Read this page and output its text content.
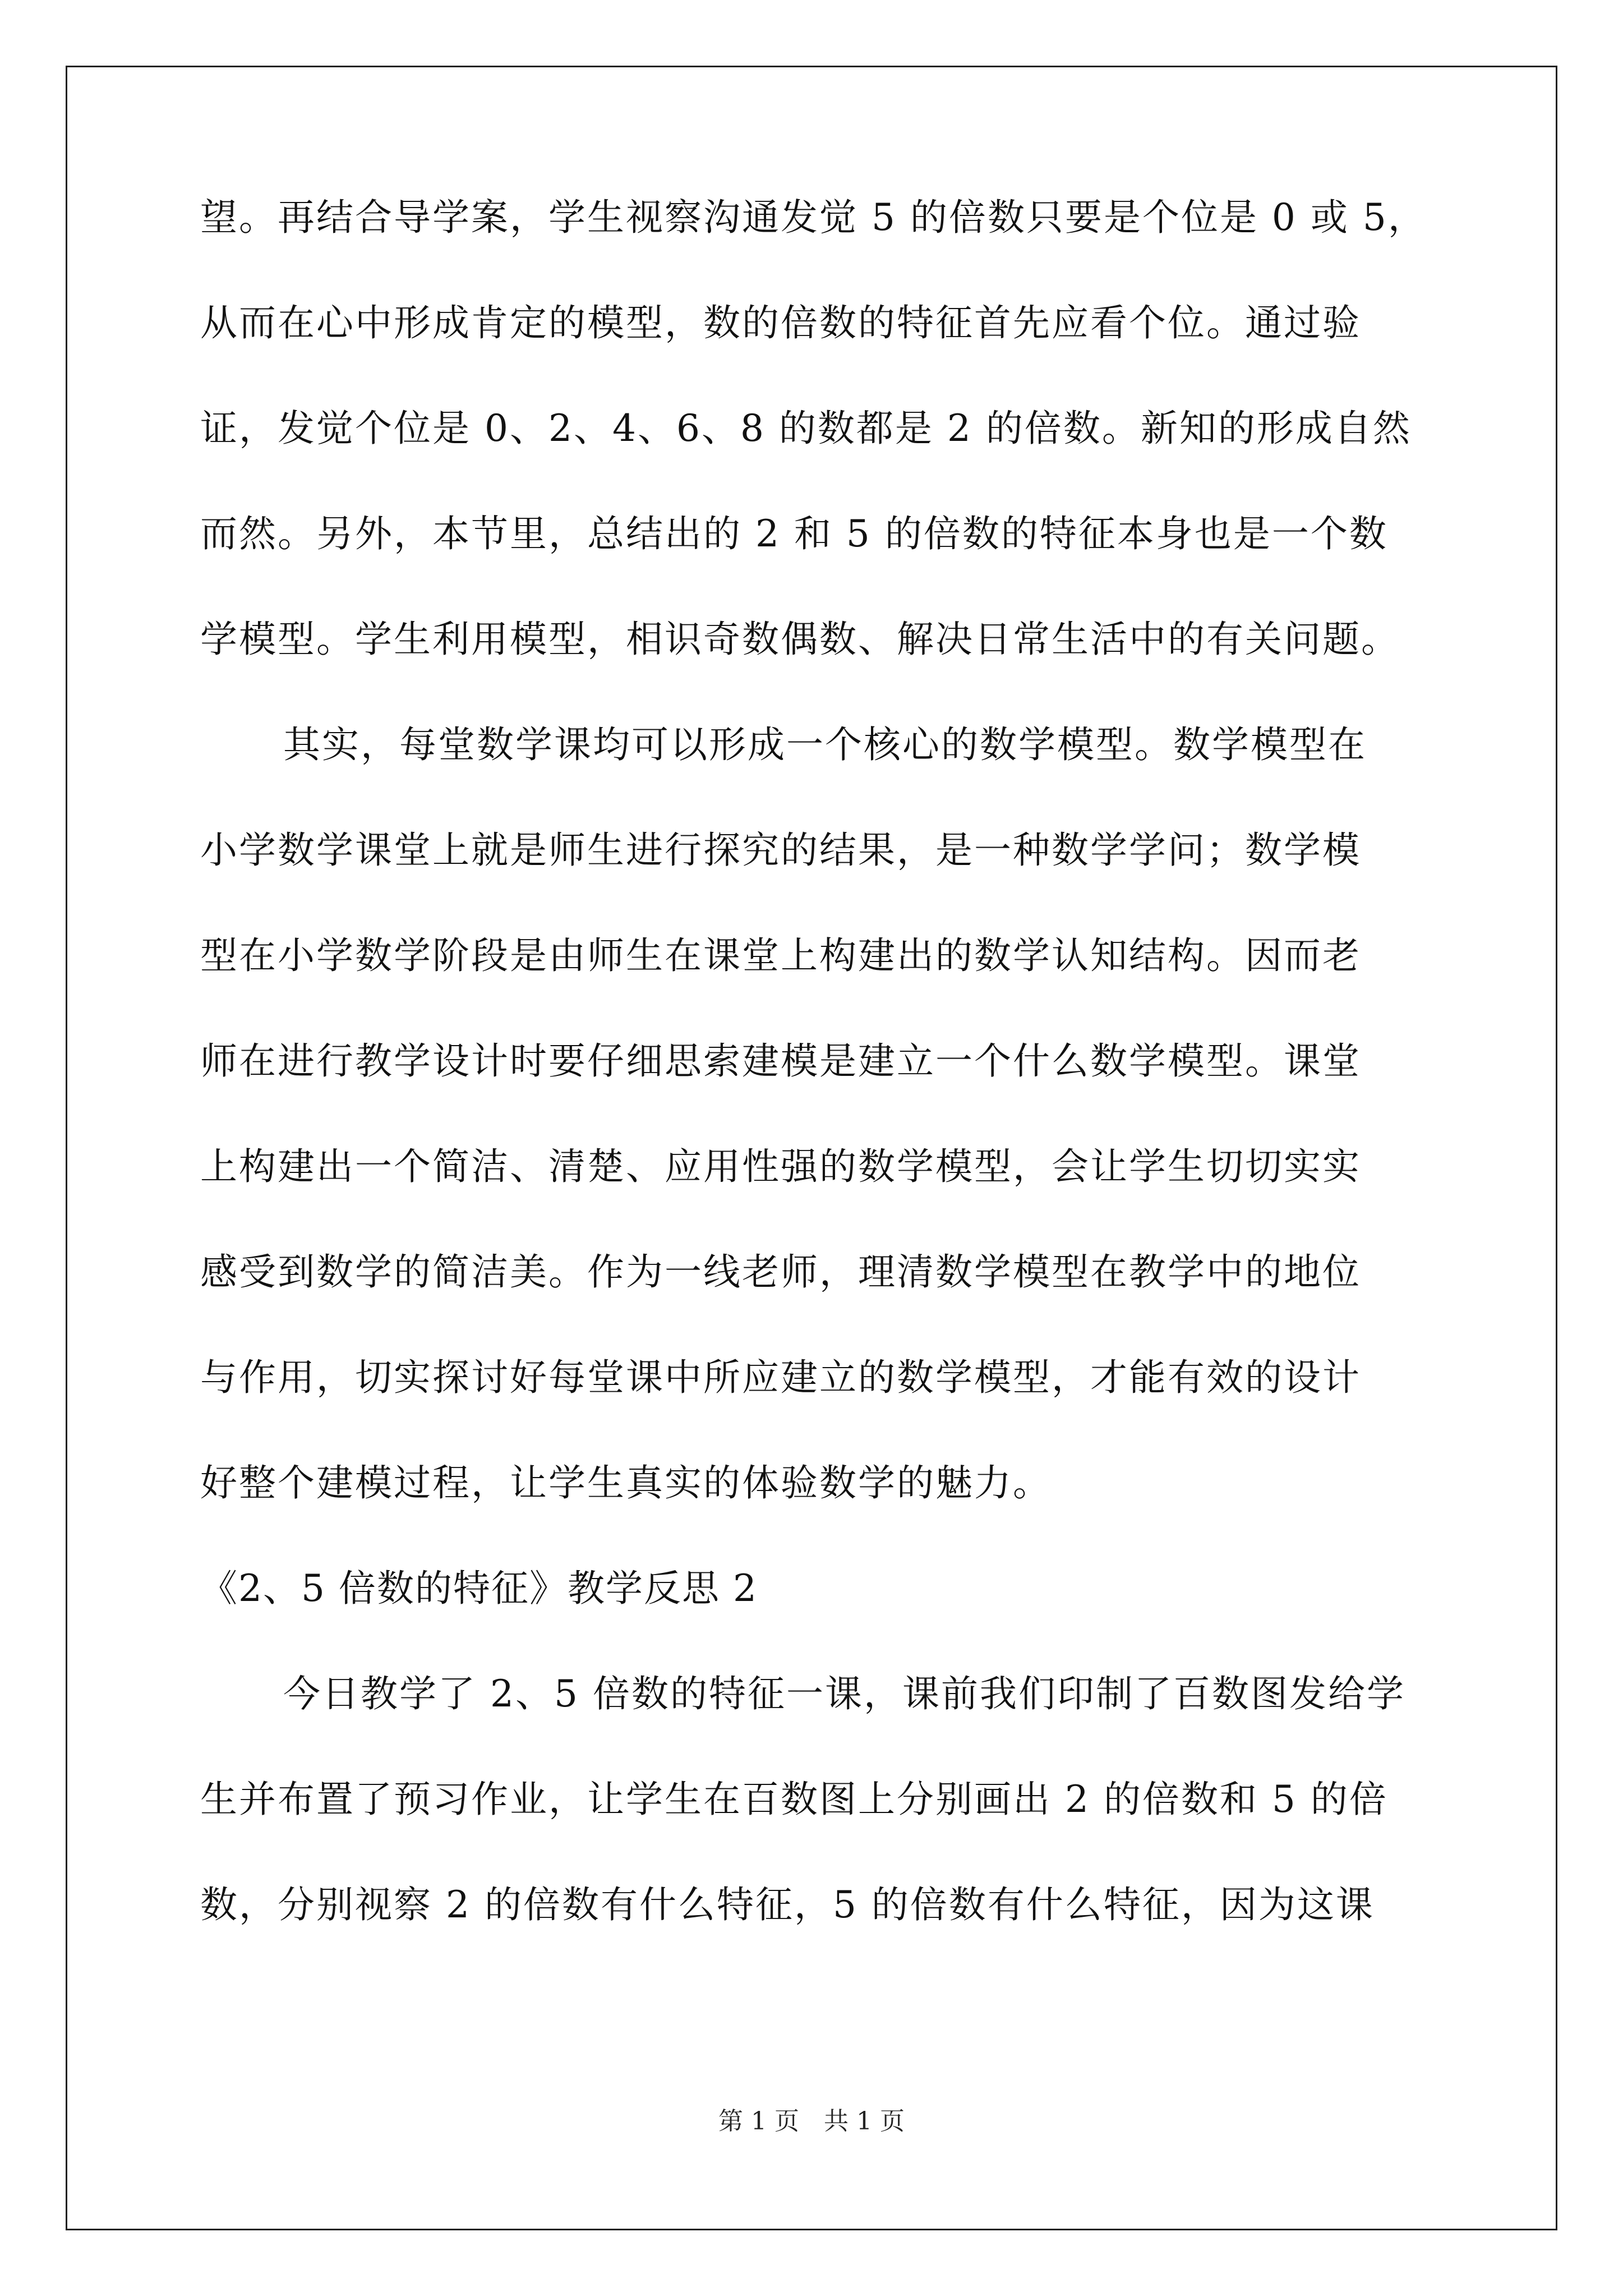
望。再结合导学案，学生视察沟通发觉 5 的倍数只要是个位是 0 或 5，
从而在心中形成肯定的模型，数的倍数的特征首先应看个位。通过验
证，发觉个位是 0、2、4、6、8 的数都是 2 的倍数。新知的形成自然
而然。另外，本节里，总结出的 2 和 5 的倍数的特征本身也是一个数
学模型。学生利用模型，相识奇数偶数、解决日常生活中的有关问题。
其实，每堂数学课均可以形成一个核心的数学模型。数学模型在
小学数学课堂上就是师生进行探究的结果，是一种数学学问；数学模
型在小学数学阶段是由师生在课堂上构建出的数学认知结构。因而老
师在进行教学设计时要仔细思索建模是建立一个什么数学模型。课堂
上构建出一个简洁、清楚、应用性强的数学模型，会让学生切切实实
感受到数学的简洁美。作为一线老师，理清数学模型在教学中的地位
与作用，切实探讨好每堂课中所应建立的数学模型，才能有效的设计
好整个建模过程，让学生真实的体验数学的魅力。
《2、5 倍数的特征》教学反思 2
今日教学了 2、5 倍数的特征一课，课前我们印制了百数图发给学
生并布置了预习作业，让学生在百数图上分别画出 2 的倍数和 5 的倍
数，分别视察 2 的倍数有什么特征，5 的倍数有什么特征，因为这课
第 1 页　共 1 页
